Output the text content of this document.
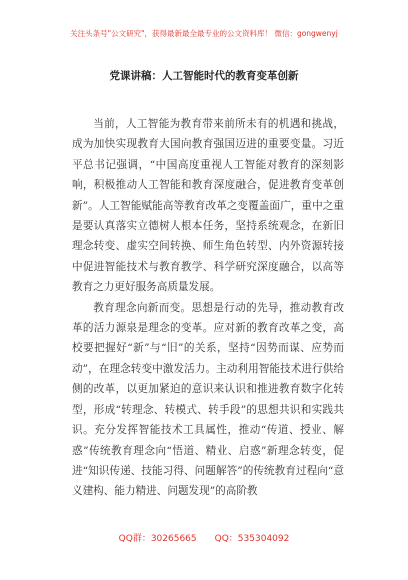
关注头条号"公文研究"，获得最新最全最专业的公文资料库！ 微信：gongwenyj
党课讲稿：人工智能时代的教育变革创新

当前，人工智能为教育带来前所未有的机遇和挑战，成为加快实现教育大国向教育强国迈进的重要变量。习近平总书记强调，“中国高度重视人工智能对教育的深刻影响，积极推动人工智能和教育深度融合，促进教育变革创新”。人工智能赋能高等教育改革之变覆盖面广，重中之重是要认真落实立德树人根本任务，坚持系统观念，在新旧理念转变、虚实空间转换、师生角色转型、内外资源转接中促进智能技术与教育教学、科学研究深度融合，以高等教育之力更好服务高质量发展。

教育理念向新而变。思想是行动的先导，推动教育改革的活力源泉是理念的变革。应对新的教育改革之变，高校要把握好“新”与“旧”的关系，坚持“因势而谋、应势而动”，在理念转变中激发活力。主动利用智能技术进行供给侧的改革，以更加紧迫的意识来认识和推进教育数字化转型，形成“转理念、转模式、转手段”的思想共识和实践共识。充分发挥智能技术工具属性，推动“传道、授业、解惑”传统教育理念向“悟道、精业、启惑”新理念转变，促进“知识传递、技能习得、问题解答”的传统教育过程向“意义建构、能力精进、问题发现”的高阶教

QQ群：30265665 QQ：535304092
